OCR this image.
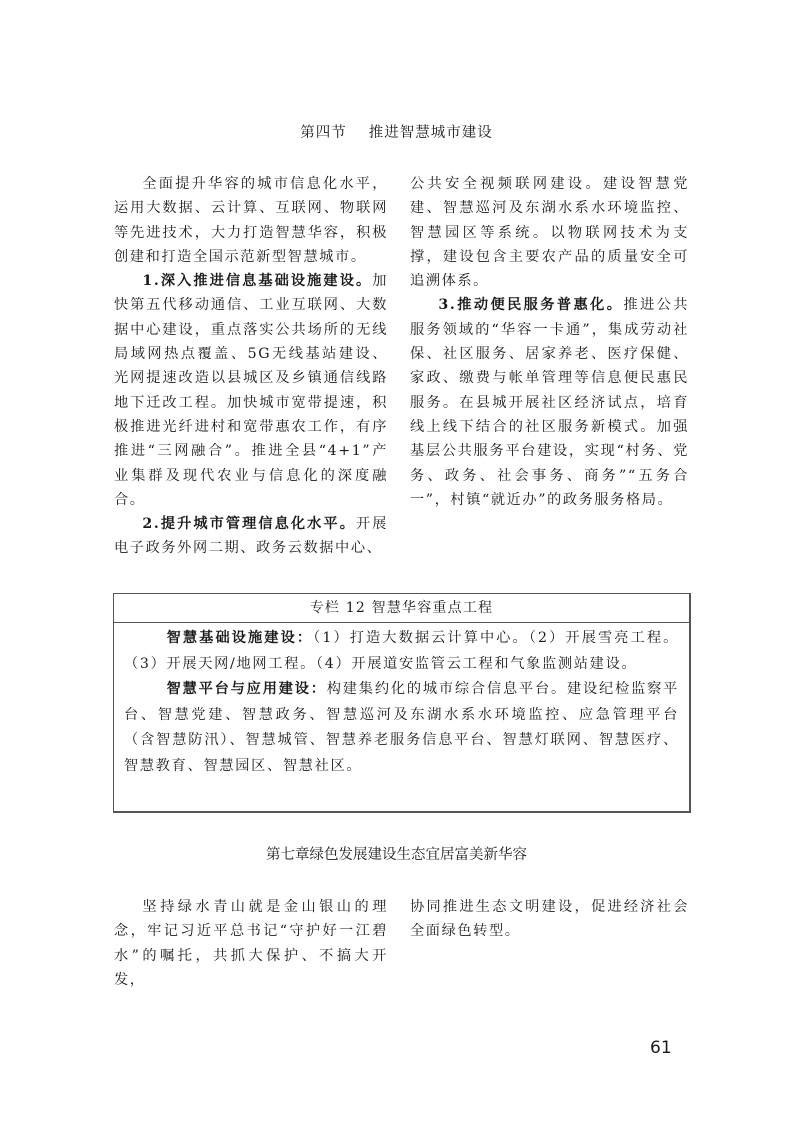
第四节 推进智慧城市建设

全面提升华容的城市信息化水平，运用大数据、云计算、互联网、物联网等先进技术，大力打造智慧华容，积极创建和打造全国示范新型智慧城市。

1.深入推进信息基础设施建设。加快第五代移动通信、工业互联网、大数据中心建设，重点落实公共场所的无线局域网热点覆盖、5G无线基站建设、光网提速改造以县城区及乡镇通信线路地下迁改工程。加快城市宽带提速，积极推进光纤进村和宽带惠农工作，有序推进“三网融合”。推进全县“4+1”产业集群及现代农业与信息化的深度融合。

2.提升城市管理信息化水平。开展电子政务外网二期、政务云数据中心、

公共安全视频联网建设。建设智慧党建、智慧巡河及东湖水系水环境监控、智慧园区等系统。以物联网技术为支撑，建设包含主要农产品的质量安全可追溯体系。

3.推动便民服务普惠化。推进公共服务领域的“华容一卡通”，集成劳动社保、社区服务、居家养老、医疗保健、家政、缴费与帐单管理等信息便民惠民服务。在县城开展社区经济试点，培育线上线下结合的社区服务新模式。加强基层公共服务平台建设，实现“村务、党务、政务、社会事务、商务”“五务合一”，村镇“就近办”的政务服务格局。

专栏 12 智慧华容重点工程

智慧基础设施建设：（1）打造大数据云计算中心。（2）开展雪亮工程。（3）开展天网/地网工程。（4）开展道安监管云工程和气象监测站建设。

智慧平台与应用建设：构建集约化的城市综合信息平台。建设纪检监察平台、智慧党建、智慧政务、智慧巡河及东湖水系水环境监控、应急管理平台（含智慧防汛）、智慧城管、智慧养老服务信息平台、智慧灯联网、智慧医疗、智慧教育、智慧园区、智慧社区。

第七章绿色发展建设生态宜居富美新华容

坚持绿水青山就是金山银山的理念，牢记习近平总书记“守护好一江碧水”的嘱托，共抓大保护、不搞大开发，

协同推进生态文明建设，促进经济社会全面绿色转型。

61
